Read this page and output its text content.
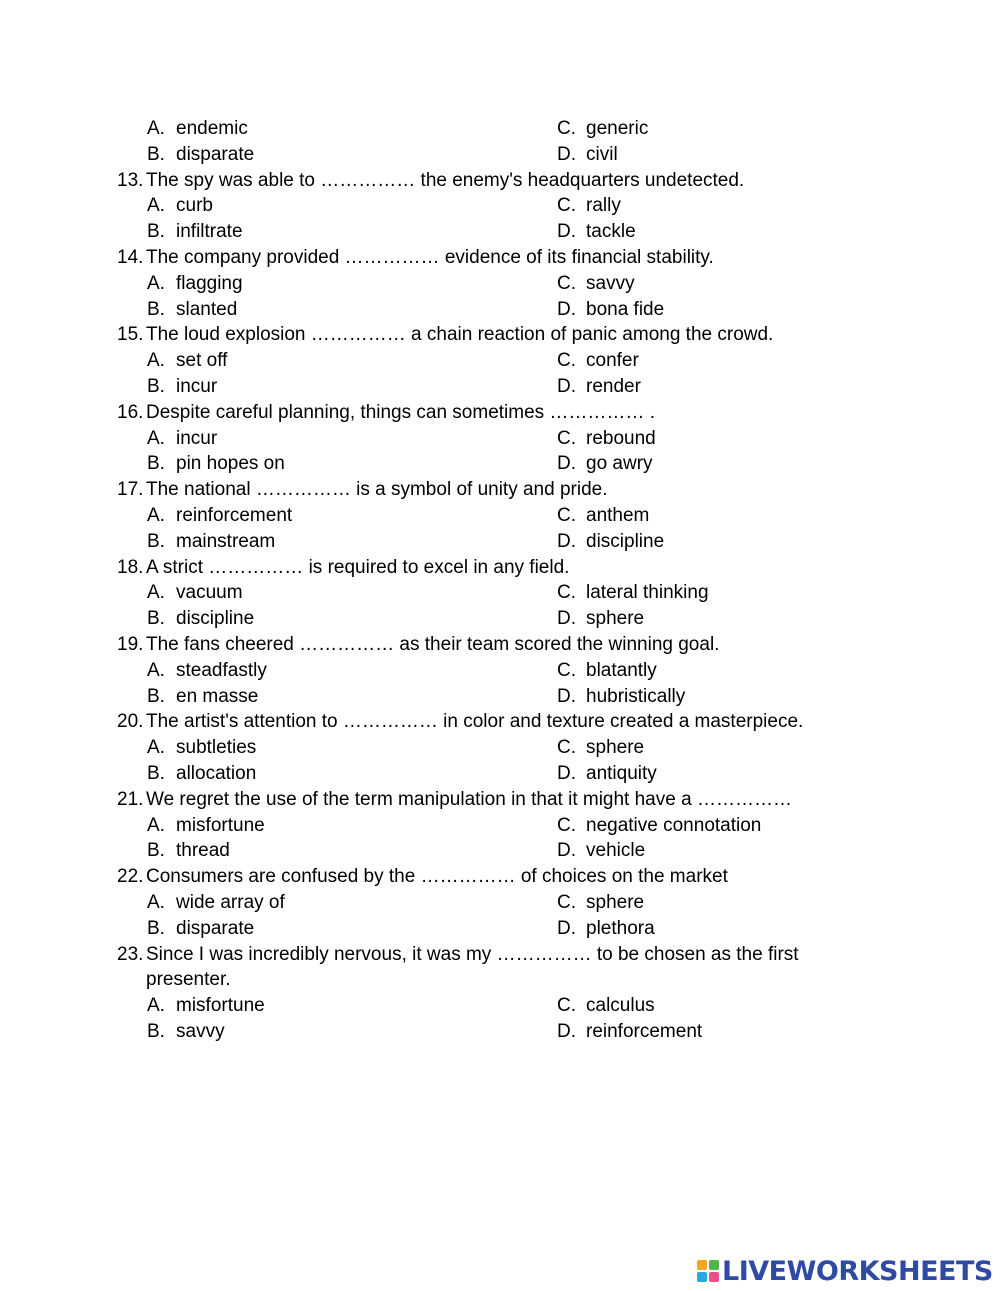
A. endemic	C. generic
B. disparate	D. civil
13. The spy was able to …………… the enemy's headquarters undetected.
A. curb	C. rally
B. infiltrate	D. tackle
14. The company provided …………… evidence of its financial stability.
A. flagging	C. savvy
B. slanted	D. bona fide
15. The loud explosion …………… a chain reaction of panic among the crowd.
A. set off	C. confer
B. incur	D. render
16. Despite careful planning, things can sometimes …………… .
A. incur	C. rebound
B. pin hopes on	D. go awry
17. The national …………… is a symbol of unity and pride.
A. reinforcement	C. anthem
B. mainstream	D. discipline
18. A strict …………… is required to excel in any field.
A. vacuum	C. lateral thinking
B. discipline	D. sphere
19. The fans cheered …………… as their team scored the winning goal.
A. steadfastly	C. blatantly
B. en masse	D. hubristically
20. The artist's attention to …………… in color and texture created a masterpiece.
A. subtleties	C. sphere
B. allocation	D. antiquity
21. We regret the use of the term manipulation in that it might have a ……………
A. misfortune	C. negative connotation
B. thread	D. vehicle
22. Consumers are confused by the …………… of choices on the market
A. wide array of	C. sphere
B. disparate	D. plethora
23. Since I was incredibly nervous, it was my …………… to be chosen as the first
presenter.
A. misfortune	C. calculus
B. savvy	D. reinforcement
LIVEWORKSHEETS
